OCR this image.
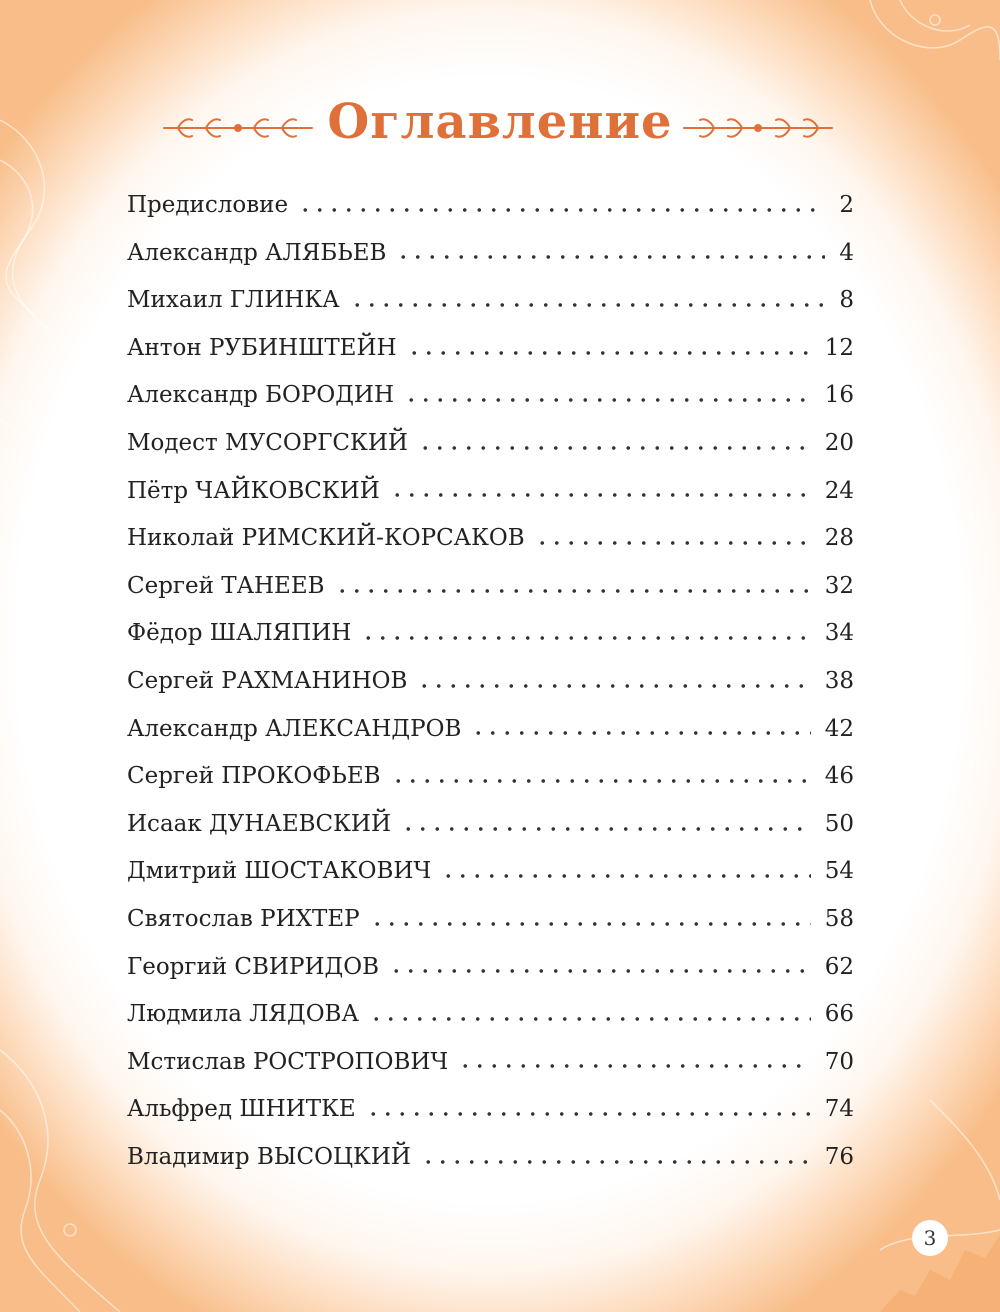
Оглавление
Предисловие	2
Александр АЛЯБЬЕВ	4
Михаил ГЛИНКА	8
Антон РУБИНШТЕЙН	12
Александр БОРОДИН	16
Модест МУСОРГСКИЙ	20
Пётр ЧАЙКОВСКИЙ	24
Николай РИМСКИЙ-КОРСАКОВ	28
Сергей ТАНЕЕВ	32
Фёдор ШАЛЯПИН	34
Сергей РАХМАНИНОВ	38
Александр АЛЕКСАНДРОВ	42
Сергей ПРОКОФЬЕВ	46
Исаак ДУНАЕВСКИЙ	50
Дмитрий ШОСТАКОВИЧ	54
Святослав РИХТЕР	58
Георгий СВИРИДОВ	62
Людмила ЛЯДОВА	66
Мстислав РОСТРОПОВИЧ	70
Альфред ШНИТКЕ	74
Владимир ВЫСОЦКИЙ	76
3
